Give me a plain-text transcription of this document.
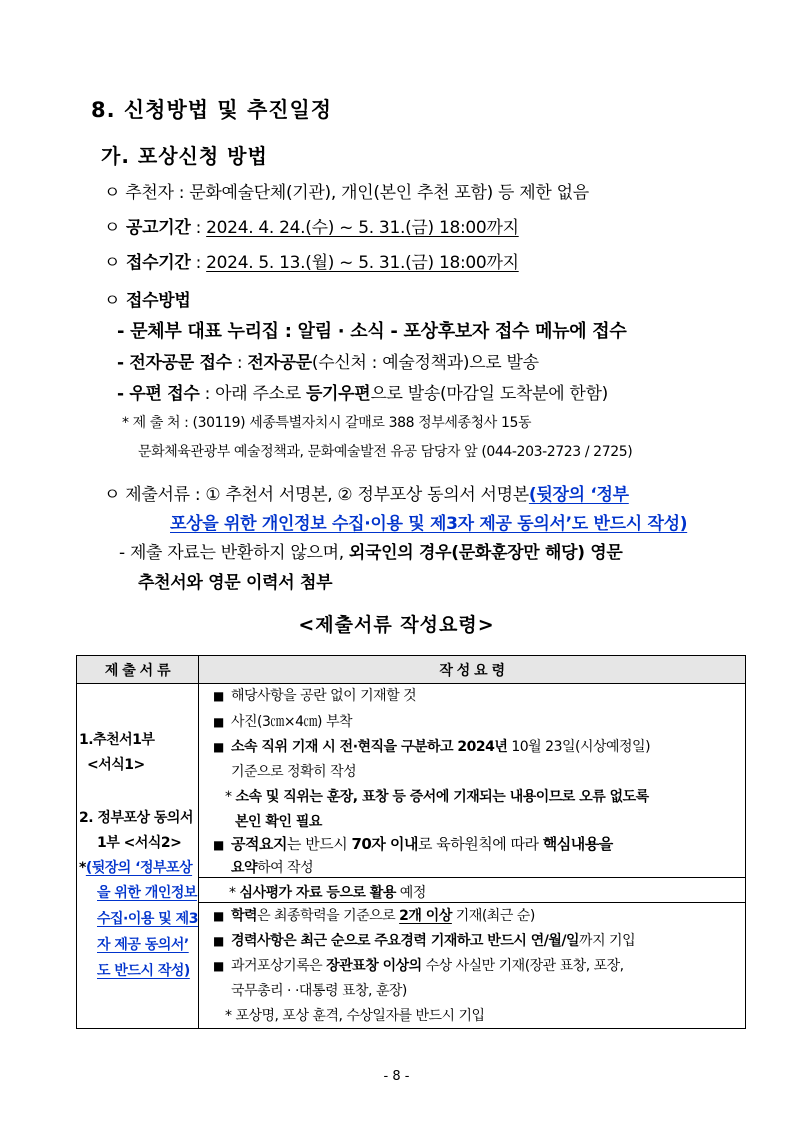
8. 신청방법 및 추진일정
가. 포상신청 방법
ㅇ 추천자 : 문화예술단체(기관), 개인(본인 추천 포함) 등 제한 없음
ㅇ 공고기간 : 2024. 4. 24.(수) ~ 5. 31.(금) 18:00까지
ㅇ 접수기간 : 2024. 5. 13.(월) ~ 5. 31.(금) 18:00까지
ㅇ 접수방법
- 문체부 대표 누리집 : 알림 · 소식 - 포상후보자 접수 메뉴에 접수
- 전자공문 접수 : 전자공문(수신처 : 예술정책과)으로 발송
- 우편 접수 : 아래 주소로 등기우편으로 발송(마감일 도착분에 한함)
* 제 출 처 : (30119) 세종특별자치시 갈매로 388 정부세종청사 15동
문화체육관광부 예술정책과, 문화예술발전 유공 담당자 앞 (044-203-2723 / 2725)
ㅇ 제출서류 : ① 추천서 서명본, ② 정부포상 동의서 서명본(뒷장의 ‘정부
포상을 위한 개인정보 수집·이용 및 제3자 제공 동의서’도 반드시 작성)
- 제출 자료는 반환하지 않으며, 외국인의 경우(문화훈장만 해당) 영문
추천서와 영문 이력서 첨부
<제출서류 작성요령>
제 출 서 류	작 성 요 령
1.추천서1부
<서식1>
2. 정부포상 동의서
1부 <서식2>
*(뒷장의 ‘정부포상
을 위한 개인정보
수집·이용 및 제3
자 제공 동의서’
도 반드시 작성)
■ 해당사항을 공란 없이 기재할 것
■ 사진(3㎝×4㎝) 부착
■ 소속 직위 기재 시 전·현직을 구분하고 2024년 10월 23일(시상예정일)
기준으로 정확히 작성
* 소속 및 직위는 훈장, 표창 등 증서에 기재되는 내용이므로 오류 없도록
본인 확인 필요
■ 공적요지는 반드시 70자 이내로 육하원칙에 따라 핵심내용을
요약하여 작성
* 심사평가 자료 등으로 활용 예정
■ 학력은 최종학력을 기준으로 2개 이상 기재(최근 순)
■ 경력사항은 최근 순으로 주요경력 기재하고 반드시 연/월/일까지 기입
■ 과거포상기록은 장관표창 이상의 수상 사실만 기재(장관 표창, 포장,
국무총리 · ·대통령 표창, 훈장)
* 포상명, 포상 훈격, 수상일자를 반드시 기입
- 8 -
